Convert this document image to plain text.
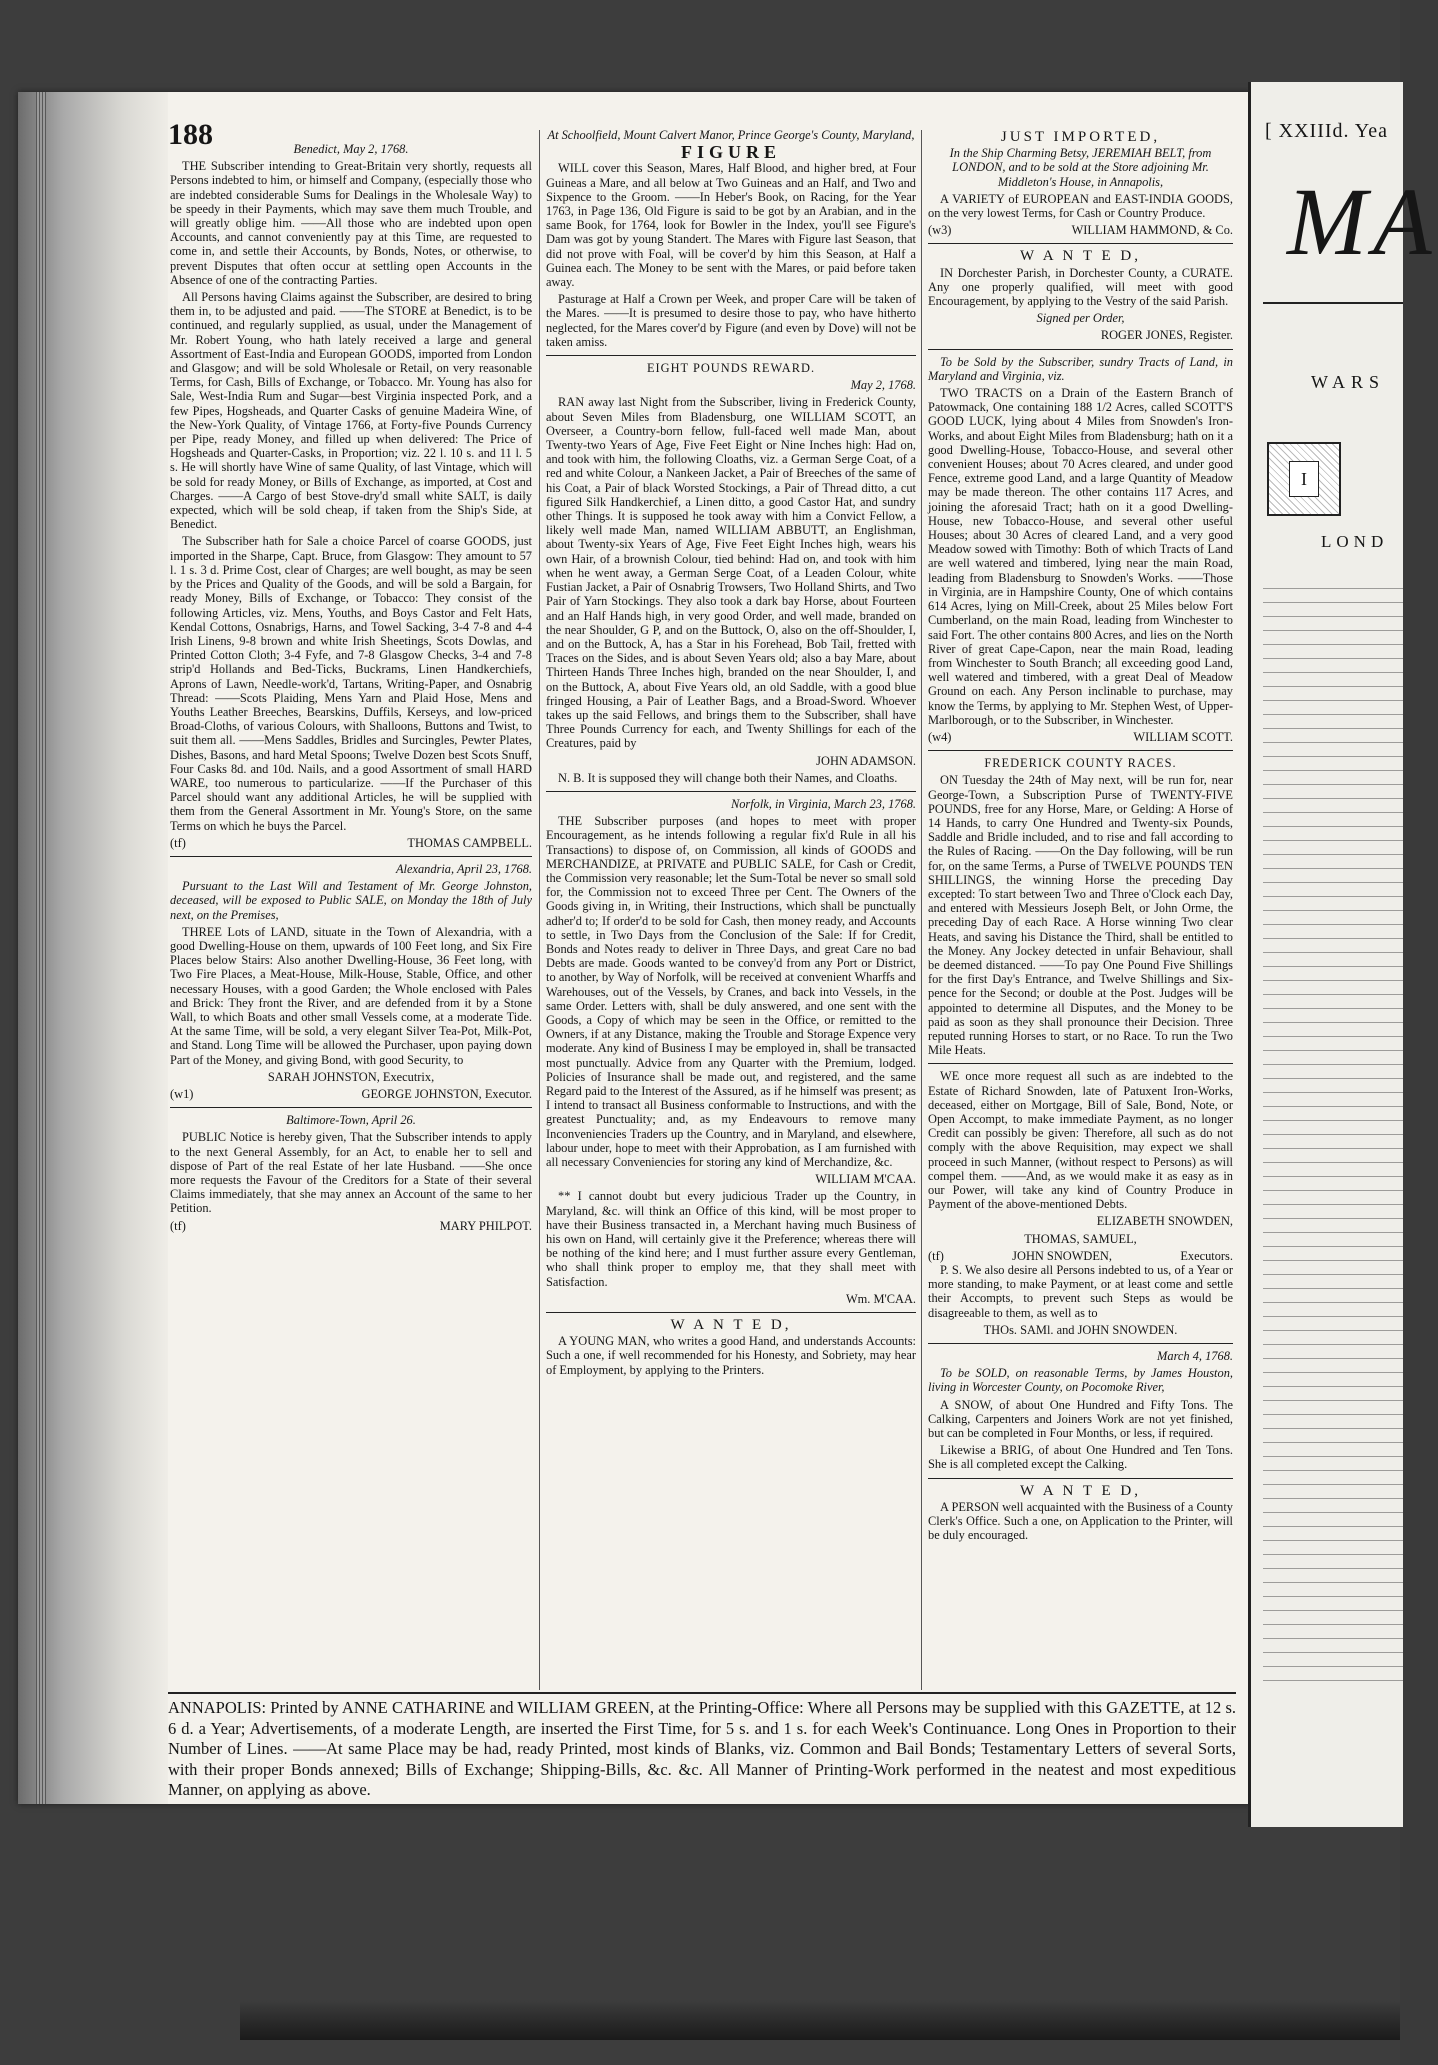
188	Benedict, May 2, 1768.

THE Subscriber intending to Great-Britain very shortly, requests all Persons indebted to him, or himself and Company, (especially those who are indebted considerable Sums for Dealings in the Wholesale Way) to be speedy in their Payments, which may save them much Trouble, and will greatly oblige him. ——All those who are indebted upon open Accounts, and cannot conveniently pay at this Time, are requested to come in, and settle their Accounts, by Bonds, Notes, or otherwise, to prevent Disputes that often occur at settling open Accounts in the Absence of one of the contracting Parties.

All Persons having Claims against the Subscriber, are desired to bring them in, to be adjusted and paid. ——The STORE at Benedict, is to be continued, and regularly supplied, as usual, under the Management of Mr. Robert Young, who hath lately received a large and general Assortment of East-India and European GOODS, imported from London and Glasgow; and will be sold Wholesale or Retail, on very reasonable Terms, for Cash, Bills of Exchange, or Tobacco. Mr. Young has also for Sale, West-India Rum and Sugar—best Virginia inspected Pork, and a few Pipes, Hogsheads, and Quarter Casks of genuine Madeira Wine, of the New-York Quality, of Vintage 1766, at Forty-five Pounds Currency per Pipe, ready Money, and filled up when delivered: The Price of Hogsheads and Quarter-Casks, in Proportion; viz. 22 l. 10 s. and 11 l. 5 s. He will shortly have Wine of same Quality, of last Vintage, which will be sold for ready Money, or Bills of Exchange, as imported, at Cost and Charges. ——A Cargo of best Stove-dry'd small white SALT, is daily expected, which will be sold cheap, if taken from the Ship's Side, at Benedict.

The Subscriber hath for Sale a choice Parcel of coarse GOODS, just imported in the Sharpe, Capt. Bruce, from Glasgow: They amount to 57 l. 1 s. 3 d. Prime Cost, clear of Charges; are well bought, as may be seen by the Prices and Quality of the Goods, and will be sold a Bargain, for ready Money, Bills of Exchange, or Tobacco: They consist of the following Articles, viz. Mens, Youths, and Boys Castor and Felt Hats, Kendal Cottons, Osnabrigs, Harns, and Towel Sacking, 3-4 7-8 and 4-4 Irish Linens, 9-8 brown and white Irish Sheetings, Scots Dowlas, and Printed Cotton Cloth; 3-4 Fyfe, and 7-8 Glasgow Checks, 3-4 and 7-8 strip'd Hollands and Bed-Ticks, Buckrams, Linen Handkerchiefs, Aprons of Lawn, Needle-work'd, Tartans, Writing-Paper, and Osnabrig Thread: ——Scots Plaiding, Mens Yarn and Plaid Hose, Mens and Youths Leather Breeches, Bearskins, Duffils, Kerseys, and low-priced Broad-Cloths, of various Colours, with Shalloons, Buttons and Twist, to suit them all. ——Mens Saddles, Bridles and Surcingles, Pewter Plates, Dishes, Basons, and hard Metal Spoons; Twelve Dozen best Scots Snuff, Four Casks 8d. and 10d. Nails, and a good Assortment of small HARD WARE, too numerous to particularize. ——If the Purchaser of this Parcel should want any additional Articles, he will be supplied with them from the General Assortment in Mr. Young's Store, on the same Terms on which he buys the Parcel.

(tf)	THOMAS CAMPBELL.

Alexandria, April 23, 1768.

Pursuant to the Last Will and Testament of Mr. George Johnston, deceased, will be exposed to Public SALE, on Monday the 18th of July next, on the Premises,

THREE Lots of LAND, situate in the Town of Alexandria, with a good Dwelling-House on them, upwards of 100 Feet long, and Six Fire Places below Stairs: Also another Dwelling-House, 36 Feet long, with Two Fire Places, a Meat-House, Milk-House, Stable, Office, and other necessary Houses, with a good Garden; the Whole enclosed with Pales and Brick: They front the River, and are defended from it by a Stone Wall, to which Boats and other small Vessels come, at a moderate Tide. At the same Time, will be sold, a very elegant Silver Tea-Pot, Milk-Pot, and Stand. Long Time will be allowed the Purchaser, upon paying down Part of the Money, and giving Bond, with good Security, to

SARAH JOHNSTON, Executrix,

(w1)	GEORGE JOHNSTON, Executor.

Baltimore-Town, April 26.

PUBLIC Notice is hereby given, That the Subscriber intends to apply to the next General Assembly, for an Act, to enable her to sell and dispose of Part of the real Estate of her late Husband. ——She once more requests the Favour of the Creditors for a State of their several Claims immediately, that she may annex an Account of the same to her Petition.

(tf)	MARY PHILPOT.

At Schoolfield, Mount Calvert Manor, Prince George's County, Maryland,

FIGURE

WILL cover this Season, Mares, Half Blood, and higher bred, at Four Guineas a Mare, and all below at Two Guineas and an Half, and Two and Sixpence to the Groom. ——In Heber's Book, on Racing, for the Year 1763, in Page 136, Old Figure is said to be got by an Arabian, and in the same Book, for 1764, look for Bowler in the Index, you'll see Figure's Dam was got by young Standert. The Mares with Figure last Season, that did not prove with Foal, will be cover'd by him this Season, at Half a Guinea each. The Money to be sent with the Mares, or paid before taken away.

Pasturage at Half a Crown per Week, and proper Care will be taken of the Mares. ——It is presumed to desire those to pay, who have hitherto neglected, for the Mares cover'd by Figure (and even by Dove) will not be taken amiss.

EIGHT POUNDS REWARD.

May 2, 1768.

RAN away last Night from the Subscriber, living in Frederick County, about Seven Miles from Bladensburg, one WILLIAM SCOTT, an Overseer, a Country-born fellow, full-faced well made Man, about Twenty-two Years of Age, Five Feet Eight or Nine Inches high: Had on, and took with him, the following Cloaths, viz. a German Serge Coat, of a red and white Colour, a Nankeen Jacket, a Pair of Breeches of the same of his Coat, a Pair of black Worsted Stockings, a Pair of Thread ditto, a cut figured Silk Handkerchief, a Linen ditto, a good Castor Hat, and sundry other Things. It is supposed he took away with him a Convict Fellow, a likely well made Man, named WILLIAM ABBUTT, an Englishman, about Twenty-six Years of Age, Five Feet Eight Inches high, wears his own Hair, of a brownish Colour, tied behind: Had on, and took with him when he went away, a German Serge Coat, of a Leaden Colour, white Fustian Jacket, a Pair of Osnabrig Trowsers, Two Holland Shirts, and Two Pair of Yarn Stockings. They also took a dark bay Horse, about Fourteen and an Half Hands high, in very good Order, and well made, branded on the near Shoulder, G P, and on the Buttock, O, also on the off-Shoulder, I, and on the Buttock, A, has a Star in his Forehead, Bob Tail, fretted with Traces on the Sides, and is about Seven Years old; also a bay Mare, about Thirteen Hands Three Inches high, branded on the near Shoulder, I, and on the Buttock, A, about Five Years old, an old Saddle, with a good blue fringed Housing, a Pair of Leather Bags, and a Broad-Sword. Whoever takes up the said Fellows, and brings them to the Subscriber, shall have Three Pounds Currency for each, and Twenty Shillings for each of the Creatures, paid by

JOHN ADAMSON.

N. B. It is supposed they will change both their Names, and Cloaths.

Norfolk, in Virginia, March 23, 1768.

THE Subscriber purposes (and hopes to meet with proper Encouragement, as he intends following a regular fix'd Rule in all his Transactions) to dispose of, on Commission, all kinds of GOODS and MERCHANDIZE, at PRIVATE and PUBLIC SALE, for Cash or Credit, the Commission very reasonable; let the Sum-Total be never so small sold for, the Commission not to exceed Three per Cent. The Owners of the Goods giving in, in Writing, their Instructions, which shall be punctually adher'd to; If order'd to be sold for Cash, then money ready, and Accounts to settle, in Two Days from the Conclusion of the Sale: If for Credit, Bonds and Notes ready to deliver in Three Days, and great Care no bad Debts are made. Goods wanted to be convey'd from any Port or District, to another, by Way of Norfolk, will be received at convenient Wharffs and Warehouses, out of the Vessels, by Cranes, and back into Vessels, in the same Order. Letters with, shall be duly answered, and one sent with the Goods, a Copy of which may be seen in the Office, or remitted to the Owners, if at any Distance, making the Trouble and Storage Expence very moderate. Any kind of Business I may be employed in, shall be transacted most punctually. Advice from any Quarter with the Premium, lodged. Policies of Insurance shall be made out, and registered, and the same Regard paid to the Interest of the Assured, as if he himself was present; as I intend to transact all Business conformable to Instructions, and with the greatest Punctuality; and, as my Endeavours to remove many Inconveniencies Traders up the Country, and in Maryland, and elsewhere, labour under, hope to meet with their Approbation, as I am furnished with all necessary Conveniencies for storing any kind of Merchandize, &c.

WILLIAM M'CAA.

** I cannot doubt but every judicious Trader up the Country, in Maryland, &c. will think an Office of this kind, will be most proper to have their Business transacted in, a Merchant having much Business of his own on Hand, will certainly give it the Preference; whereas there will be nothing of the kind here; and I must further assure every Gentleman, who shall think proper to employ me, that they shall meet with Satisfaction.

Wm. M'CAA.

W A N T E D,

A YOUNG MAN, who writes a good Hand, and understands Accounts: Such a one, if well recommended for his Honesty, and Sobriety, may hear of Employment, by applying to the Printers.

JUST IMPORTED,

In the Ship Charming Betsy, JEREMIAH BELT, from LONDON, and to be sold at the Store adjoining Mr. Middleton's House, in Annapolis,

A VARIETY of EUROPEAN and EAST-INDIA GOODS, on the very lowest Terms, for Cash or Country Produce.

(w3)	WILLIAM HAMMOND, & Co.

W A N T E D,

IN Dorchester Parish, in Dorchester County, a CURATE. Any one properly qualified, will meet with good Encouragement, by applying to the Vestry of the said Parish.

Signed per Order,

ROGER JONES, Register.

To be Sold by the Subscriber, sundry Tracts of Land, in Maryland and Virginia, viz.

TWO TRACTS on a Drain of the Eastern Branch of Patowmack, One containing 188 1/2 Acres, called SCOTT'S GOOD LUCK, lying about 4 Miles from Snowden's Iron-Works, and about Eight Miles from Bladensburg; hath on it a good Dwelling-House, Tobacco-House, and several other convenient Houses; about 70 Acres cleared, and under good Fence, extreme good Land, and a large Quantity of Meadow may be made thereon. The other contains 117 Acres, and joining the aforesaid Tract; hath on it a good Dwelling-House, new Tobacco-House, and several other useful Houses; about 30 Acres of cleared Land, and a very good Meadow sowed with Timothy: Both of which Tracts of Land are well watered and timbered, lying near the main Road, leading from Bladensburg to Snowden's Works. ——Those in Virginia, are in Hampshire County, One of which contains 614 Acres, lying on Mill-Creek, about 25 Miles below Fort Cumberland, on the main Road, leading from Winchester to said Fort. The other contains 800 Acres, and lies on the North River of great Cape-Capon, near the main Road, leading from Winchester to South Branch; all exceeding good Land, well watered and timbered, with a great Deal of Meadow Ground on each. Any Person inclinable to purchase, may know the Terms, by applying to Mr. Stephen West, of Upper-Marlborough, or to the Subscriber, in Winchester.

(w4)	WILLIAM SCOTT.

FREDERICK COUNTY RACES.

ON Tuesday the 24th of May next, will be run for, near George-Town, a Subscription Purse of TWENTY-FIVE POUNDS, free for any Horse, Mare, or Gelding: A Horse of 14 Hands, to carry One Hundred and Twenty-six Pounds, Saddle and Bridle included, and to rise and fall according to the Rules of Racing. ——On the Day following, will be run for, on the same Terms, a Purse of TWELVE POUNDS TEN SHILLINGS, the winning Horse the preceding Day excepted: To start between Two and Three o'Clock each Day, and entered with Messieurs Joseph Belt, or John Orme, the preceding Day of each Race. A Horse winning Two clear Heats, and saving his Distance the Third, shall be entitled to the Money. Any Jockey detected in unfair Behaviour, shall be deemed distanced. ——To pay One Pound Five Shillings for the first Day's Entrance, and Twelve Shillings and Six-pence for the Second; or double at the Post. Judges will be appointed to determine all Disputes, and the Money to be paid as soon as they shall pronounce their Decision. Three reputed running Horses to start, or no Race. To run the Two Mile Heats.

WE once more request all such as are indebted to the Estate of Richard Snowden, late of Patuxent Iron-Works, deceased, either on Mortgage, Bill of Sale, Bond, Note, or Open Accompt, to make immediate Payment, as no longer Credit can possibly be given: Therefore, all such as do not comply with the above Requisition, may expect we shall proceed in such Manner, (without respect to Persons) as will compel them. ——And, as we would make it as easy as in our Power, will take any kind of Country Produce in Payment of the above-mentioned Debts.

ELIZABETH SNOWDEN,

THOMAS, SAMUEL,

(tf)	JOHN SNOWDEN,	Executors.

P. S. We also desire all Persons indebted to us, of a Year or more standing, to make Payment, or at least come and settle their Accompts, to prevent such Steps as would be disagreeable to them, as well as to

THOs. SAMl. and JOHN SNOWDEN.

March 4, 1768.

To be SOLD, on reasonable Terms, by James Houston, living in Worcester County, on Pocomoke River,

A SNOW, of about One Hundred and Fifty Tons. The Calking, Carpenters and Joiners Work are not yet finished, but can be completed in Four Months, or less, if required.

Likewise a BRIG, of about One Hundred and Ten Tons. She is all completed except the Calking.

W A N T E D,

A PERSON well acquainted with the Business of a County Clerk's Office. Such a one, on Application to the Printer, will be duly encouraged.

ANNAPOLIS: Printed by ANNE CATHARINE and WILLIAM GREEN, at the Printing-Office: Where all Persons may be supplied with this GAZETTE, at 12 s. 6 d. a Year; Advertisements, of a moderate Length, are inserted the First Time, for 5 s. and 1 s. for each Week's Continuance. Long Ones in Proportion to their Number of Lines. ——At same Place may be had, ready Printed, most kinds of Blanks, viz. Common and Bail Bonds; Testamentary Letters of several Sorts, with their proper Bonds annexed; Bills of Exchange; Shipping-Bills, &c. &c. All Manner of Printing-Work performed in the neatest and most expeditious Manner, on applying as above.
[ XXIIId. Yea
MA
WARS
I
LOND
